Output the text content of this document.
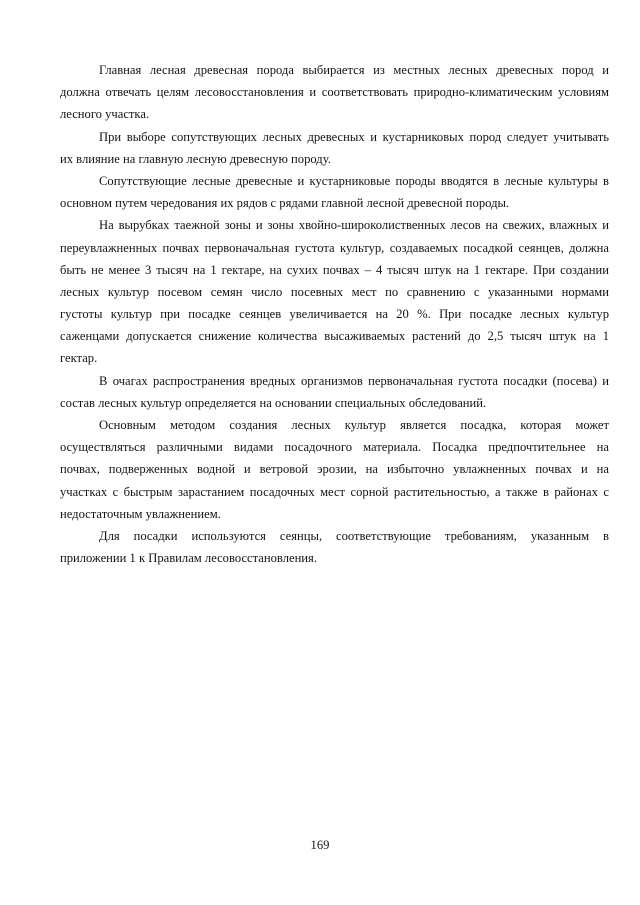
Главная лесная древесная порода выбирается из местных лесных древесных пород и
должна отвечать целям лесовосстановления и соответствовать природно-климатическим условиям
лесного участка.

При выборе сопутствующих лесных древесных и кустарниковых пород следует учитывать
их влияние на главную лесную древесную породу.

Сопутствующие лесные древесные и кустарниковые породы вводятся в лесные культуры в
основном путем чередования их рядов с рядами главной лесной древесной породы.

На вырубках таежной зоны и зоны хвойно-широколиственных лесов на свежих, влажных и
переувлажненных почвах первоначальная густота культур, создаваемых посадкой сеянцев, должна
быть не менее 3 тысяч на 1 гектаре, на сухих почвах – 4 тысяч штук на 1 гектаре. При создании
лесных культур посевом семян число посевных мест по сравнению с указанными нормами
густоты культур при посадке сеянцев увеличивается на 20 %. При посадке лесных культур
саженцами допускается снижение количества высаживаемых растений до 2,5 тысяч штук на 1
гектар.

В очагах распространения вредных организмов первоначальная густота посадки (посева) и
состав лесных культур определяется на основании специальных обследований.

Основным методом создания лесных культур является посадка, которая может
осуществляться различными видами посадочного материала. Посадка предпочтительнее на
почвах, подверженных водной и ветровой эрозии, на избыточно увлажненных почвах и на
участках с быстрым зарастанием посадочных мест сорной растительностью, а также в районах с
недостаточным увлажнением.

Для посадки используются сеянцы, соответствующие требованиям, указанным в
приложении 1 к Правилам лесовосстановления.

169
